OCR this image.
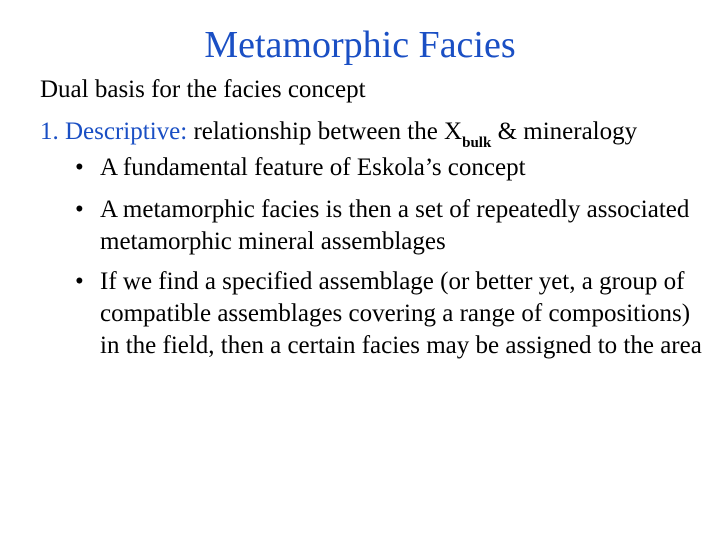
Metamorphic Facies
Dual basis for the facies concept
1. Descriptive: relationship between the $X_{bulk}$ & mineralogy
• A fundamental feature of Eskola’s concept
• A metamorphic facies is then a set of repeatedly associated metamorphic mineral assemblages
• If we find a specified assemblage (or better yet, a group of compatible assemblages covering a range of compositions) in the field, then a certain facies may be assigned to the area
